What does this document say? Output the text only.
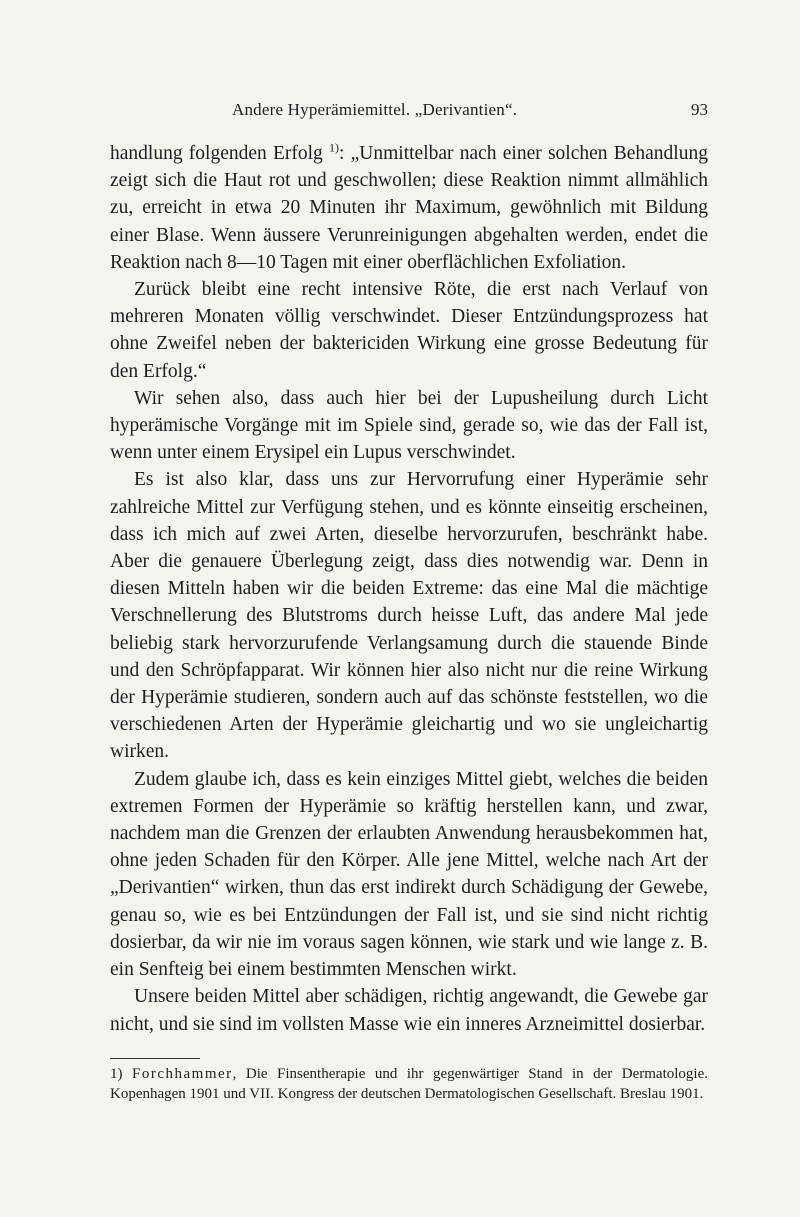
Andere Hyperämiemittel. „Derivantien“.	93

handlung folgenden Erfolg $^{1)}$: „Unmittelbar nach einer solchen Behandlung zeigt sich die Haut rot und geschwollen; diese Reaktion nimmt allmählich zu, erreicht in etwa 20 Minuten ihr Maximum, gewöhnlich mit Bildung einer Blase. Wenn äussere Verunreinigungen abgehalten werden, endet die Reaktion nach 8—10 Tagen mit einer oberflächlichen Exfoliation.

Zurück bleibt eine recht intensive Röte, die erst nach Verlauf von mehreren Monaten völlig verschwindet. Dieser Entzündungsprozess hat ohne Zweifel neben der baktericiden Wirkung eine grosse Bedeutung für den Erfolg.“

Wir sehen also, dass auch hier bei der Lupusheilung durch Licht hyperämische Vorgänge mit im Spiele sind, gerade so, wie das der Fall ist, wenn unter einem Erysipel ein Lupus verschwindet.

Es ist also klar, dass uns zur Hervorrufung einer Hyperämie sehr zahlreiche Mittel zur Verfügung stehen, und es könnte einseitig erscheinen, dass ich mich auf zwei Arten, dieselbe hervorzurufen, beschränkt habe. Aber die genauere Überlegung zeigt, dass dies notwendig war. Denn in diesen Mitteln haben wir die beiden Extreme: das eine Mal die mächtige Verschnellerung des Blutstroms durch heisse Luft, das andere Mal jede beliebig stark hervorzurufende Verlangsamung durch die stauende Binde und den Schröpfapparat. Wir können hier also nicht nur die reine Wirkung der Hyperämie studieren, sondern auch auf das schönste feststellen, wo die verschiedenen Arten der Hyperämie gleichartig und wo sie ungleichartig wirken.

Zudem glaube ich, dass es kein einziges Mittel giebt, welches die beiden extremen Formen der Hyperämie so kräftig herstellen kann, und zwar, nachdem man die Grenzen der erlaubten Anwendung herausbekommen hat, ohne jeden Schaden für den Körper. Alle jene Mittel, welche nach Art der „Derivantien“ wirken, thun das erst indirekt durch Schädigung der Gewebe, genau so, wie es bei Entzündungen der Fall ist, und sie sind nicht richtig dosierbar, da wir nie im voraus sagen können, wie stark und wie lange z. B. ein Senfteig bei einem bestimmten Menschen wirkt.

Unsere beiden Mittel aber schädigen, richtig angewandt, die Gewebe gar nicht, und sie sind im vollsten Masse wie ein inneres Arzneimittel dosierbar.

1) Forchhammer, Die Finsentherapie und ihr gegenwärtiger Stand in der Dermatologie. Kopenhagen 1901 und VII. Kongress der deutschen Dermatologischen Gesellschaft. Breslau 1901.
